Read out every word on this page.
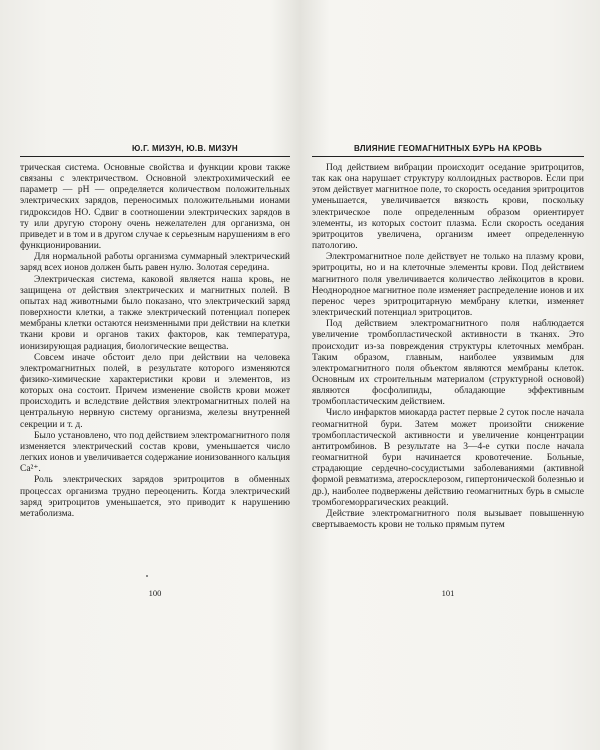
Ю.Г. МИЗУН, Ю.В. МИЗУН

трическая система. Основные свойства и функции крови также связаны с электричеством. Основной электрохимический ее параметр — pH — определяется количеством положительных электрических зарядов, переносимых положительными ионами гидроксидов НО. Сдвиг в соотношении электрических зарядов в ту или другую сторону очень нежелателен для организма, он приведет и в том и в другом случае к серьезным нарушениям в его функционировании.

Для нормальной работы организма суммарный электрический заряд всех ионов должен быть равен нулю. Золотая середина.

Электрическая система, каковой является наша кровь, не защищена от действия электрических и магнитных полей. В опытах над животными было показано, что электрический заряд поверхности клетки, а также электрический потенциал поперек мембраны клетки остаются неизменными при действии на клетки ткани крови и органов таких факторов, как температура, ионизирующая радиация, биологические вещества.

Совсем иначе обстоит дело при действии на человека электромагнитных полей, в результате которого изменяются физико-химические характеристики крови и элементов, из которых она состоит. Причем изменение свойств крови может происходить и вследствие действия электромагнитных полей на центральную нервную систему организма, железы внутренней секреции и т. д.

Было установлено, что под действием электромагнитного поля изменяется электрический состав крови, уменьшается число легких ионов и увеличивается содержание ионизованного кальция Са²⁺.

Роль электрических зарядов эритроцитов в обменных процессах организма трудно переоценить. Когда электрический заряд эритроцитов уменьшается, это приводит к нарушению метаболизма.

100
ВЛИЯНИЕ ГЕОМАГНИТНЫХ БУРЬ НА КРОВЬ

Под действием вибрации происходит оседание эритроцитов, так как она нарушает структуру коллоидных растворов. Если при этом действует магнитное поле, то скорость оседания эритроцитов уменьшается, увеличивается вязкость крови, поскольку электрическое поле определенным образом ориентирует элементы, из которых состоит плазма. Если скорость оседания эритроцитов увеличена, организм имеет определенную патологию.

Электромагнитное поле действует не только на плазму крови, эритроциты, но и на клеточные элементы крови. Под действием магнитного поля увеличивается количество лейкоцитов в крови. Неоднородное магнитное поле изменяет распределение ионов и их перенос через эритроцитарную мембрану клетки, изменяет электрический потенциал эритроцитов.

Под действием электромагнитного поля наблюдается увеличение тромбопластической активности в тканях. Это происходит из-за повреждения структуры клеточных мембран. Таким образом, главным, наиболее уязвимым для электромагнитного поля объектом являются мембраны клеток. Основным их строительным материалом (структурной основой) являются фосфолипиды, обладающие эффективным тромбопластическим действием.

Число инфарктов миокарда растет первые 2 суток после начала геомагнитной бури. Затем может произойти снижение тромбопластической активности и увеличение концентрации антитромбинов. В результате на 3—4-е сутки после начала геомагнитной бури начинается кровотечение. Больные, страдающие сердечно-сосудистыми заболеваниями (активной формой ревматизма, атеросклерозом, гипертонической болезнью и др.), наиболее подвержены действию геомагнитных бурь в смысле тромбогеморрагических реакций.

Действие электромагнитного поля вызывает повышенную свертываемость крови не только прямым путем

101
